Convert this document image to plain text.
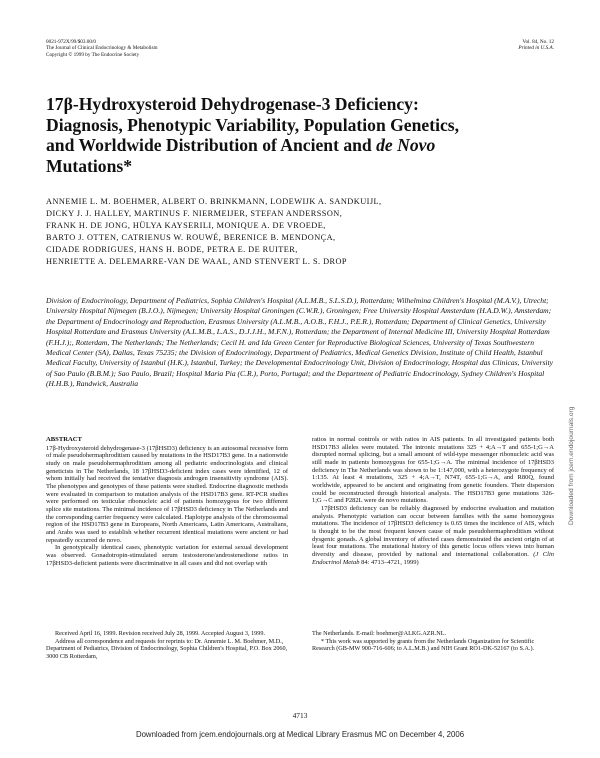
0021-972X/99/$03.00/0
The Journal of Clinical Endocrinology & Metabolism
Copyright © 1999 by The Endocrine Society
Vol. 84, No. 12
Printed in U.S.A.
17β-Hydroxysteroid Dehydrogenase-3 Deficiency:
Diagnosis, Phenotypic Variability, Population Genetics,
and Worldwide Distribution of Ancient and de Novo
Mutations*
ANNEMIE L. M. BOEHMER, ALBERT O. BRINKMANN, LODEWIJK A. SANDKUIJL,
DICKY J. J. HALLEY, MARTINUS F. NIERMEIJER, STEFAN ANDERSSON,
FRANK H. DE JONG, HÜLYA KAYSERILI, MONIQUE A. DE VROEDE,
BARTO J. OTTEN, CATRIENUS W. ROUWÉ, BERENICE B. MENDONÇA,
CIDADE RODRIGUES, HANS H. BODE, PETRA E. DE RUITER,
HENRIETTE A. DELEMARRE-VAN DE WAAL, AND STENVERT L. S. DROP
Division of Endocrinology, Department of Pediatrics, Sophia Children's Hospital (A.L.M.B., S.L.S.D.), Rotterdam; Wilhelmina Children's Hospital (M.A.V.), Utrecht; University Hospital Nijmegen (B.J.O.), Nijmegen; University Hospital Groningen (C.W.R.), Groningen; Free University Hospital Amsterdam (H.A.D.W.), Amsterdam; the Department of Endocrinology and Reproduction, Erasmus University (A.L.M.B., A.O.B., F.H.J., P.E.R.), Rotterdam; Department of Clinical Genetics, University Hospital Rotterdam and Erasmus University (A.L.M.B., L.A.S., D.J.J.H., M.F.N.), Rotterdam; the Department of Internal Medicine III, University Hospital Rotterdam (F.H.J.);, Rotterdam, The Netherlands; The Netherlands; Cecil H. and Ida Green Center for Reproductive Biological Sciences, University of Texas Southwestern Medical Center (SA), Dallas, Texas 75235; the Division of Endocrinology, Department of Pediatrics, Medical Genetics Division, Institute of Child Health, Istanbul Medical Faculty, University of Istanbul (H.K.), Istanbul, Turkey; the Developmental Endocrinology Unit, Division of Endocrinology, Hospital das Clinicas, University of Sao Paulo (B.B.M.); Sao Paulo, Brazil; Hospital Maria Pia (C.R.), Porto, Portugal; and the Department of Pediatric Endocrinology, Sydney Children's Hospital (H.H.B.), Randwick, Australia
ABSTRACT

17β-Hydroxysteroid dehydrogenase-3 (17βHSD3) deficiency is an autosomal recessive form of male pseudohermaphroditism caused by mutations in the HSD17B3 gene. In a nationwide study on male pseudohermaphroditism among all pediatric endocrinologists and clinical geneticists in The Netherlands, 18 17βHSD3-deficient index cases were identified, 12 of whom initially had received the tentative diagnosis androgen insensitivity syndrome (AIS). The phenotypes and genotypes of these patients were studied. Endocrine diagnostic methods were evaluated in comparison to mutation analysis of the HSD17B3 gene. RT-PCR studies were performed on testicular ribonucleic acid of patients homozygous for two different splice site mutations. The minimal incidence of 17βHSD3 deficiency in The Netherlands and the corresponding carrier frequency were calculated. Haplotype analysis of the chromosomal region of the HSD17B3 gene in Europeans, North Americans, Latin Americans, Australians, and Arabs was used to establish whether recurrent identical mutations were ancient or had repeatedly occurred de novo.

In genotypically identical cases, phenotypic variation for external sexual development was observed. Gonadotropin-stimulated serum testosterone/androstenedione ratios in 17βHSD3-deficient patients were discriminative in all cases and did not overlap with

ratios in normal controls or with ratios in AIS patients. In all investigated patients both HSD17B3 alleles were mutated. The intronic mutations 325 + 4;A→T and 655-1;G→A disrupted normal splicing, but a small amount of wild-type messenger ribonucleic acid was still made in patients homozygous for 655-1;G→A. The minimal incidence of 17βHSD3 deficiency in The Netherlands was shown to be 1:147,000, with a heterozygote frequency of 1:135. At least 4 mutations, 325 + 4;A→T, N74T, 655-1;G→A, and R80Q, found worldwide, appeared to be ancient and originating from genetic founders. Their dispersion could be reconstructed through historical analysis. The HSD17B3 gene mutations 326-1;G→C and P282L were de novo mutations.

17βHSD3 deficiency can be reliably diagnosed by endocrine evaluation and mutation analysis. Phenotypic variation can occur between families with the same homozygous mutations. The incidence of 17βHSD3 deficiency is 0.65 times the incidence of AIS, which is thought to be the most frequent known cause of male pseudohermaphroditism without dysgenic gonads. A global inventory of affected cases demonstrated the ancient origin of at least four mutations. The mutational history of this genetic locus offers views into human diversity and disease, provided by national and international collaboration. (J Clin Endocrinol Metab 84: 4713–4721, 1999)

Received April 16, 1999. Revision received July 28, 1999. Accepted August 3, 1999.

Address all correspondence and requests for reprints to: Dr. Annemie L. M. Boehmer, M.D., Department of Pediatrics, Division of Endocrinology, Sophia Children's Hospital, P.O. Box 2060, 3000 CB Rotterdam,

The Netherlands. E-mail: boehmer@ALKG.AZR.NL.

* This work was supported by grants from the Netherlands Organization for Scientific Research (GB-MW 900-716-606; to A.L.M.B.) and NIH Grant RO1-DK-52167 (to S.A.).

4713
Downloaded from jcem.endojournals.org at Medical Library Erasmus MC on December 4, 2006
Downloaded from jcem.endojournals.org
